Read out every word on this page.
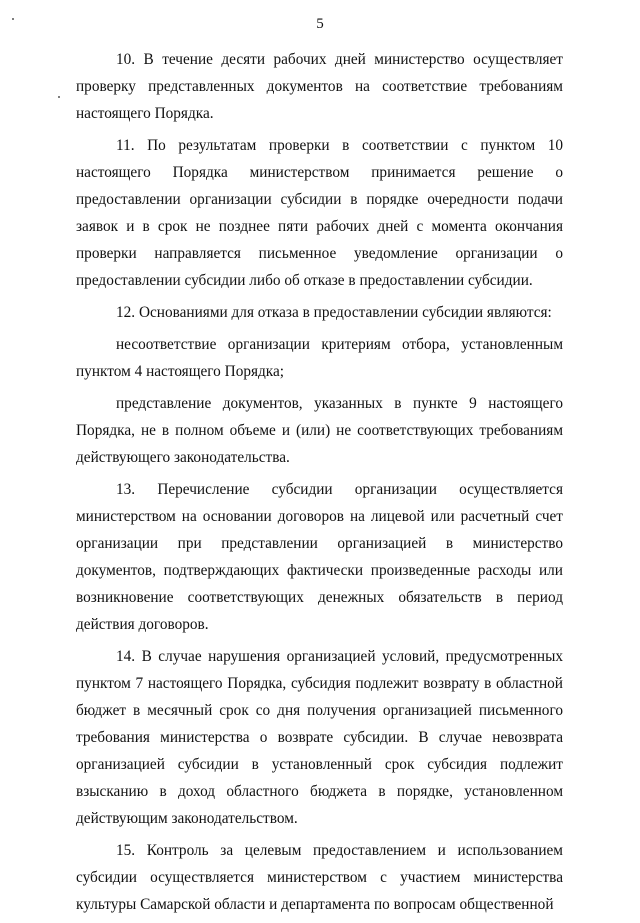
5

10. В течение десяти рабочих дней министерство осуществляет проверку представленных документов на соответствие требованиям настоящего Порядка.

11. По результатам проверки в соответствии с пунктом 10 настоящего Порядка министерством принимается решение о предоставлении организации субсидии в порядке очередности подачи заявок и в срок не позднее пяти рабочих дней с момента окончания проверки направляется письменное уведомление организации о предоставлении субсидии либо об отказе в предоставлении субсидии.

12. Основаниями для отказа в предоставлении субсидии являются:

несоответствие организации критериям отбора, установленным пунктом 4 настоящего Порядка;

представление документов, указанных в пункте 9 настоящего Порядка, не в полном объеме и (или) не соответствующих требованиям действующего законодательства.

13. Перечисление субсидии организации осуществляется министерством на основании договоров на лицевой или расчетный счет организации при представлении организацией в министерство документов, подтверждающих фактически произведенные расходы или возникновение соответствующих денежных обязательств в период действия договоров.

14. В случае нарушения организацией условий, предусмотренных пунктом 7 настоящего Порядка, субсидия подлежит возврату в областной бюджет в месячный срок со дня получения организацией письменного требования министерства о возврате субсидии. В случае невозврата организацией субсидии в установленный срок субсидия подлежит взысканию в доход областного бюджета в порядке, установленном действующим законодательством.

15. Контроль за целевым предоставлением и использованием субсидии осуществляется министерством с участием министерства культуры Самарской области и департамента по вопросам общественной
